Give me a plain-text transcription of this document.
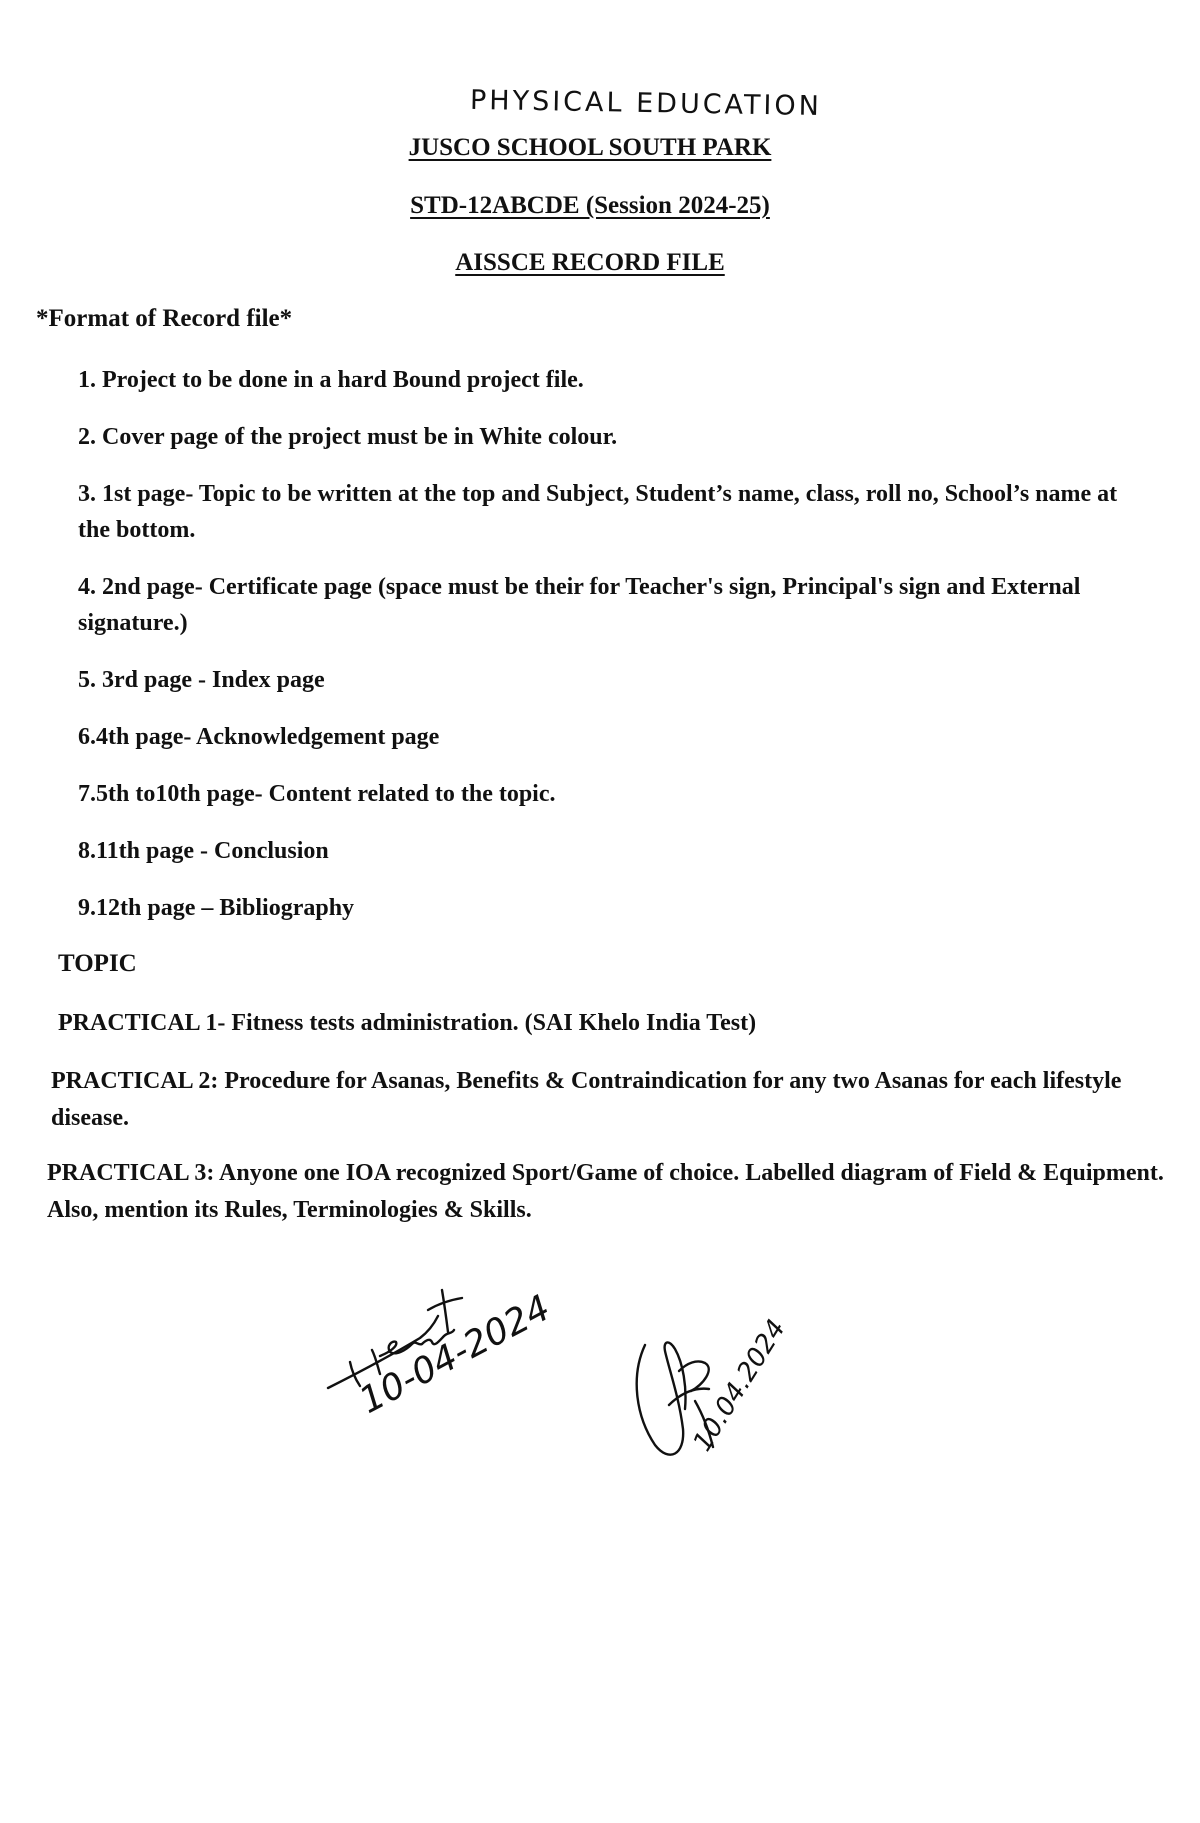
PHYSICAL EDUCATION
JUSCO SCHOOL SOUTH PARK
STD-12ABCDE (Session 2024-25)
AISSCE RECORD FILE
*Format of Record file*
1. Project to be done in a hard Bound project file.
2. Cover page of the project must be in White colour.
3. 1st page- Topic to be written at the top and Subject, Student’s name, class, roll no, School’s name at the bottom.
4. 2nd page- Certificate page (space must be their for Teacher's sign, Principal's sign and External signature.)
5. 3rd page - Index page
6.4th page- Acknowledgement page
7.5th to10th page- Content related to the topic.
8.11th page - Conclusion
9.12th page – Bibliography
TOPIC
PRACTICAL 1- Fitness tests administration. (SAI Khelo India Test)
PRACTICAL 2: Procedure for Asanas, Benefits & Contraindication for any two Asanas for each lifestyle disease.
PRACTICAL 3: Anyone one IOA recognized Sport/Game of choice. Labelled diagram of Field & Equipment. Also, mention its Rules, Terminologies & Skills.
10-04-2024	10.04.2024
